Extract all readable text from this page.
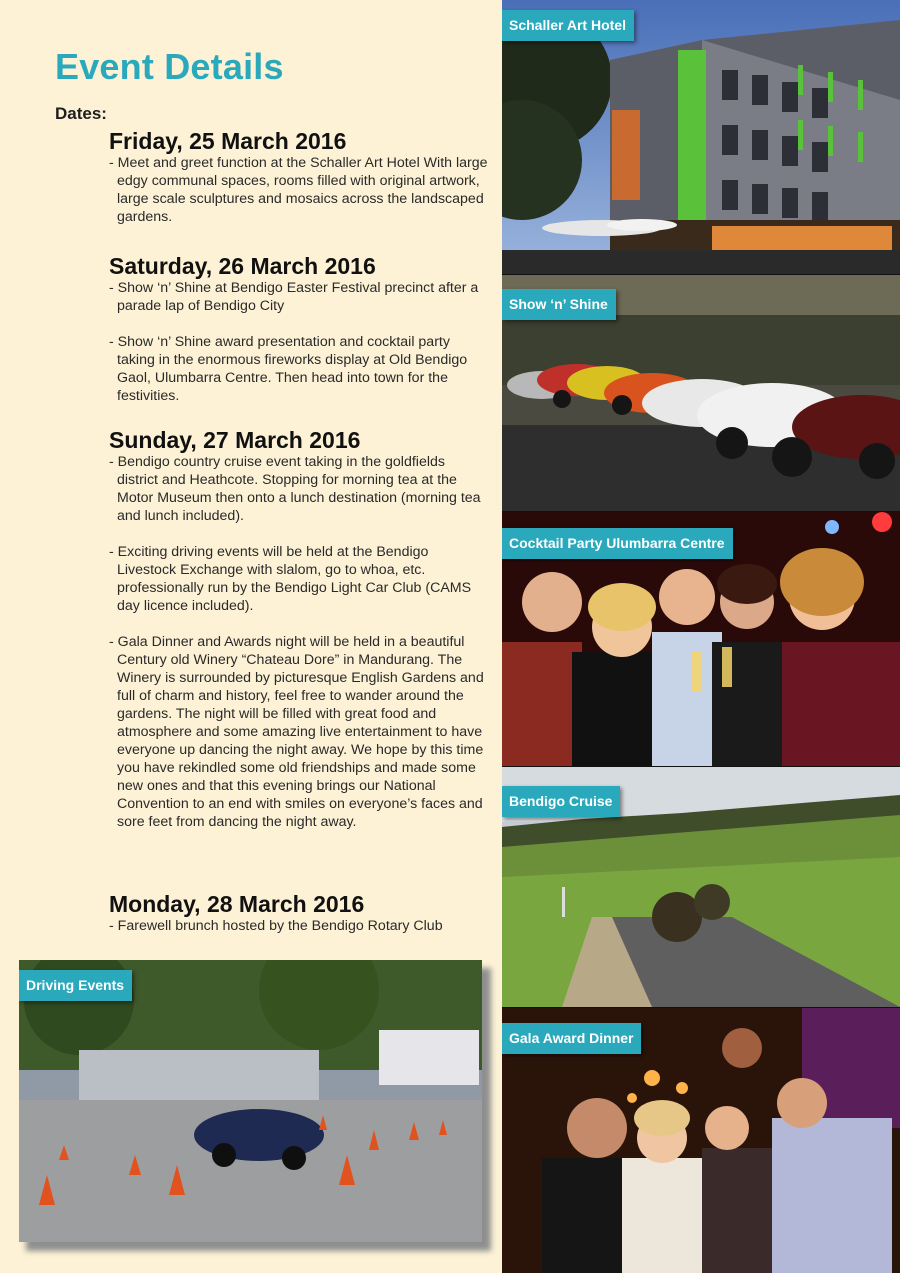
Event Details
Dates:
Friday, 25 March 2016

- Meet and greet function at the Schaller Art Hotel With large edgy communal spaces, rooms filled with original artwork, large scale sculptures and mosaics across the landscaped gardens.

Saturday, 26 March 2016

- Show ‘n’ Shine at Bendigo Easter Festival precinct after a parade lap of Bendigo City

- Show ‘n’ Shine award presentation and cocktail party taking in the enormous fireworks display at Old Bendigo Gaol, Ulumbarra Centre. Then head into town for the festivities.

Sunday, 27 March 2016

- Bendigo country cruise event taking in the goldfields district and Heathcote. Stopping for morning tea at the Motor Museum then onto a lunch destination (morning tea and lunch included).

- Exciting driving events will be held at the Bendigo Livestock Exchange with slalom, go to whoa, etc. professionally run by the Bendigo Light Car Club (CAMS day licence included).

- Gala Dinner and Awards night will be held in a beautiful Century old Winery “Chateau Dore” in Mandurang. The Winery is surrounded by picturesque English Gardens and full of charm and history, feel free to wander around the gardens. The night will be filled with great food and atmosphere and some amazing live entertainment to have everyone up dancing the night away. We hope by this time you have rekindled some old friendships and made some new ones and that this evening brings our National Convention to an end with smiles on everyone’s faces and sore feet from dancing the night away.

Monday, 28 March 2016

- Farewell brunch hosted by the Bendigo Rotary Club

Schaller Art Hotel
Show ‘n’ Shine
Cocktail Party Ulumbarra Centre
Bendigo Cruise
Gala Award Dinner
Driving Events
